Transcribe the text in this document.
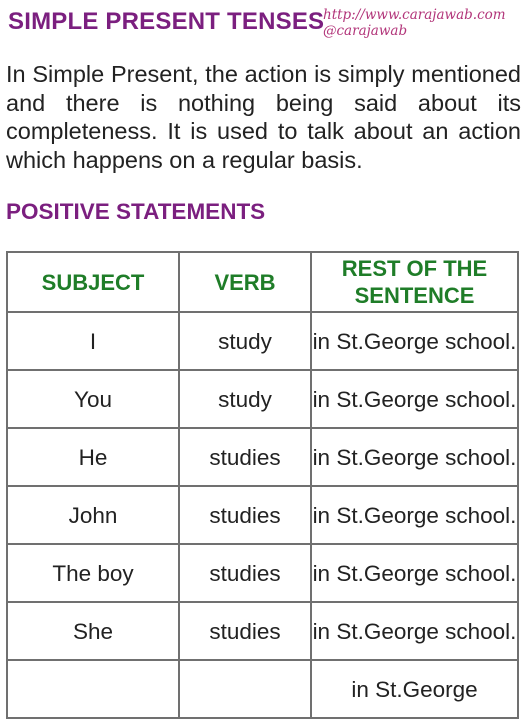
SIMPLE PRESENT TENSES
http://www.carajawab.com
@carajawab

In Simple Present, the action is simply mentioned and there is nothing being said about its completeness. It is used to talk about an action which happens on a regular basis.

POSITIVE STATEMENTS
SUBJECT	VERB	REST OF THE SENTENCE
I	study	in St.George school.
You	study	in St.George school.
He	studies	in St.George school.
John	studies	in St.George school.
The boy	studies	in St.George school.
She	studies	in St.George school.
		in St.George
